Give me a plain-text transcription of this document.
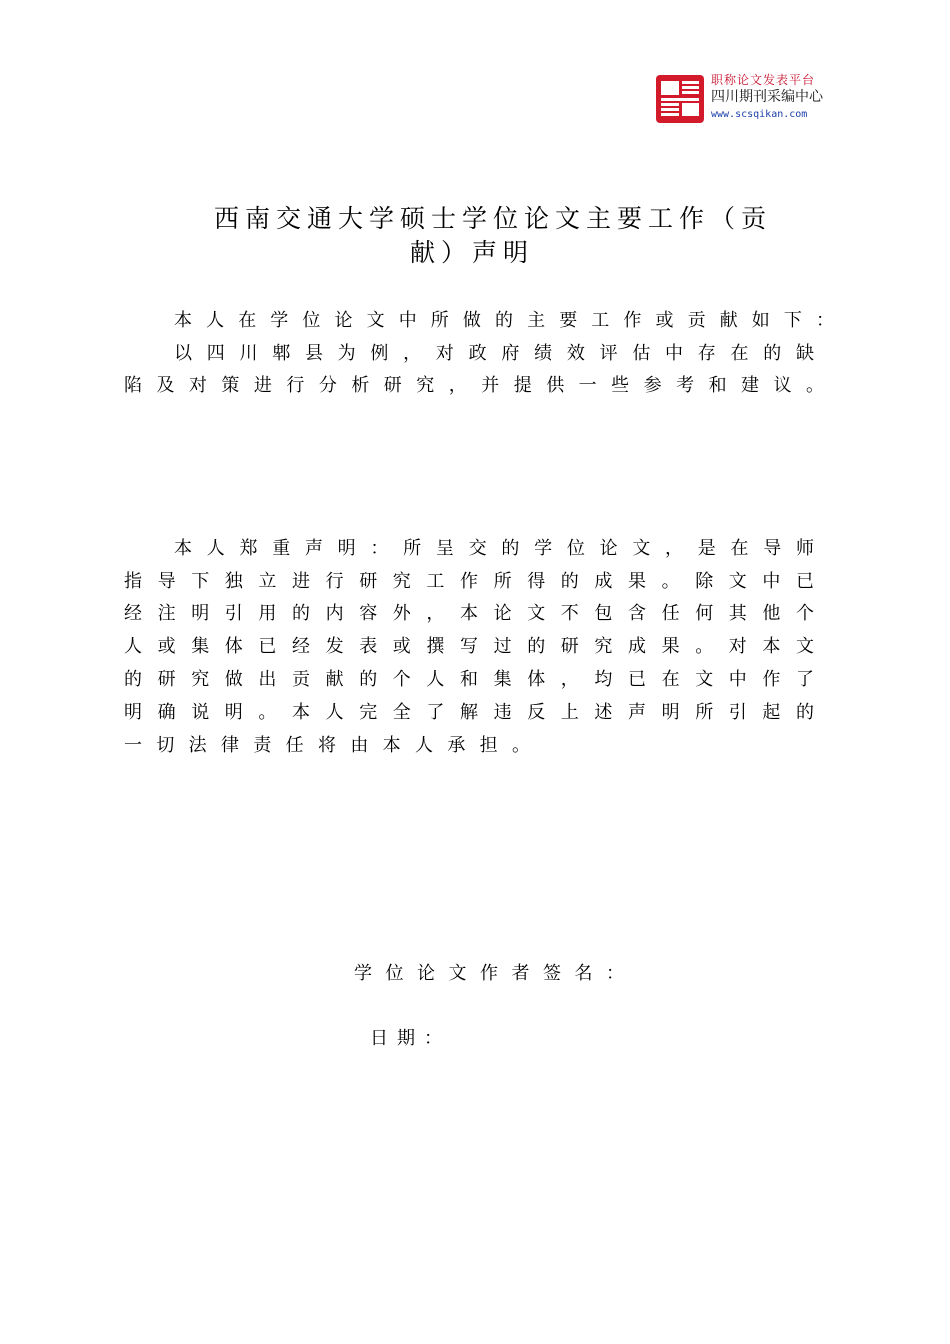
职称论文发表平台
四川期刊采编中心
www.scsqikan.com
西南交通大学硕士学位论文主要工作（贡
献）声明
本人在学位论文中所做的主要工作或贡献如下：
以四川郫县为例，对政府绩效评估中存在的缺
陷及对策进行分析研究，并提供一些参考和建议。
本人郑重声明：所呈交的学位论文，是在导师
指导下独立进行研究工作所得的成果。除文中已
经注明引用的内容外，本论文不包含任何其他个
人或集体已经发表或撰写过的研究成果。对本文
的研究做出贡献的个人和集体，均已在文中作了
明确说明。本人完全了解违反上述声明所引起的
一切法律责任将由本人承担。
学位论文作者签名：
日期：
